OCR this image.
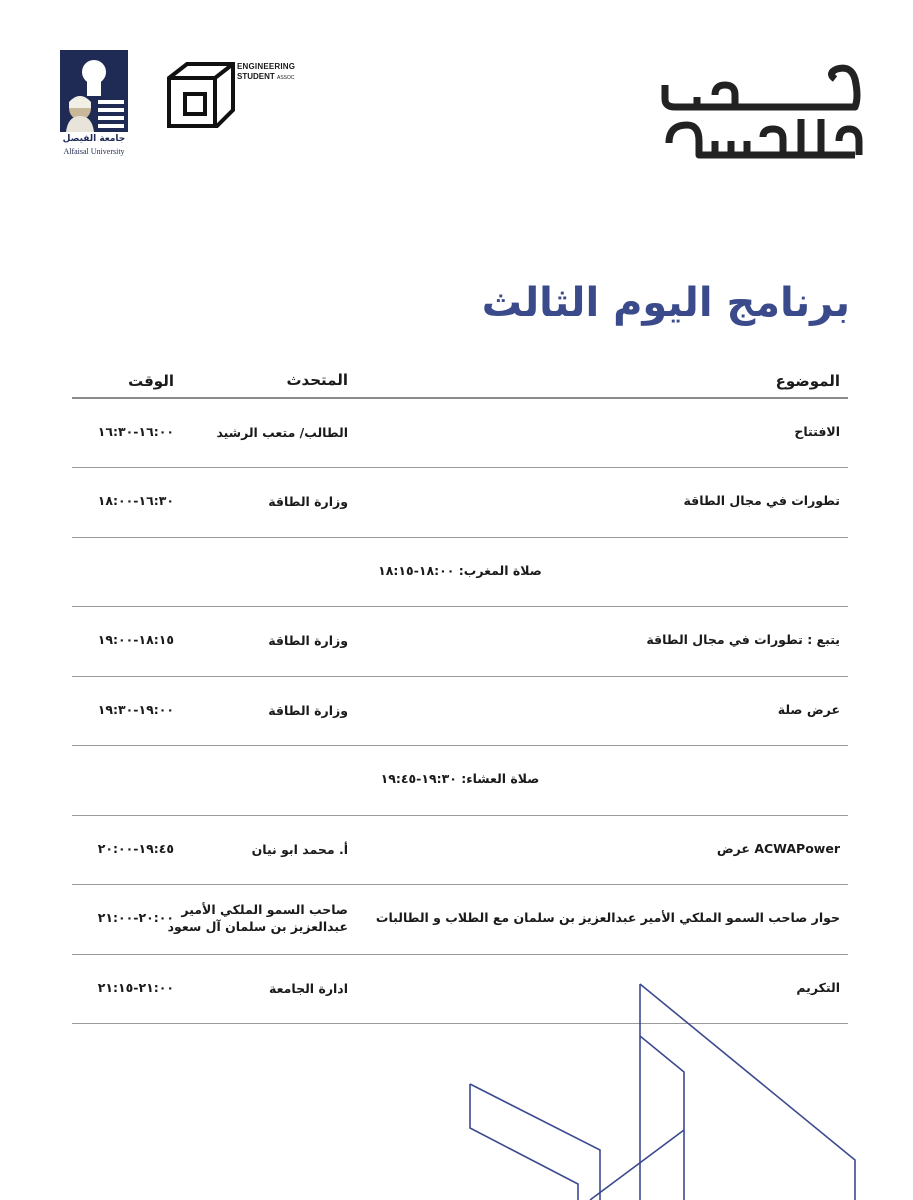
الفيصل
الجامعة
الملكي
جامعة الفيصل
Alfaisal University
ENGINEERING
STUDENT ASSOC
برنامج اليوم الثالث
الموضوع
المتحدث
الوقت
الافتتاح
الطالب/ متعب الرشيد
١٦:٠٠-١٦:٣٠
تطورات في مجال الطاقة
وزارة الطاقة
١٦:٣٠-١٨:٠٠
صلاة المغرب: ١٨:٠٠-١٨:١٥
يتبع : تطورات في مجال الطاقة
وزارة الطاقة
١٨:١٥-١٩:٠٠
عرض صلة
وزارة الطاقة
١٩:٠٠-١٩:٣٠
صلاة العشاء: ١٩:٣٠-١٩:٤٥
ACWAPower عرض
أ. محمد ابو نيان
١٩:٤٥-٢٠:٠٠
حوار صاحب السمو الملكي الأمير عبدالعزيز بن سلمان مع الطلاب و الطالبات
صاحب السمو الملكي الأمير
عبدالعزيز بن سلمان آل سعود
٢٠:٠٠-٢١:٠٠
التكريم
ادارة الجامعة
٢١:٠٠-٢١:١٥
